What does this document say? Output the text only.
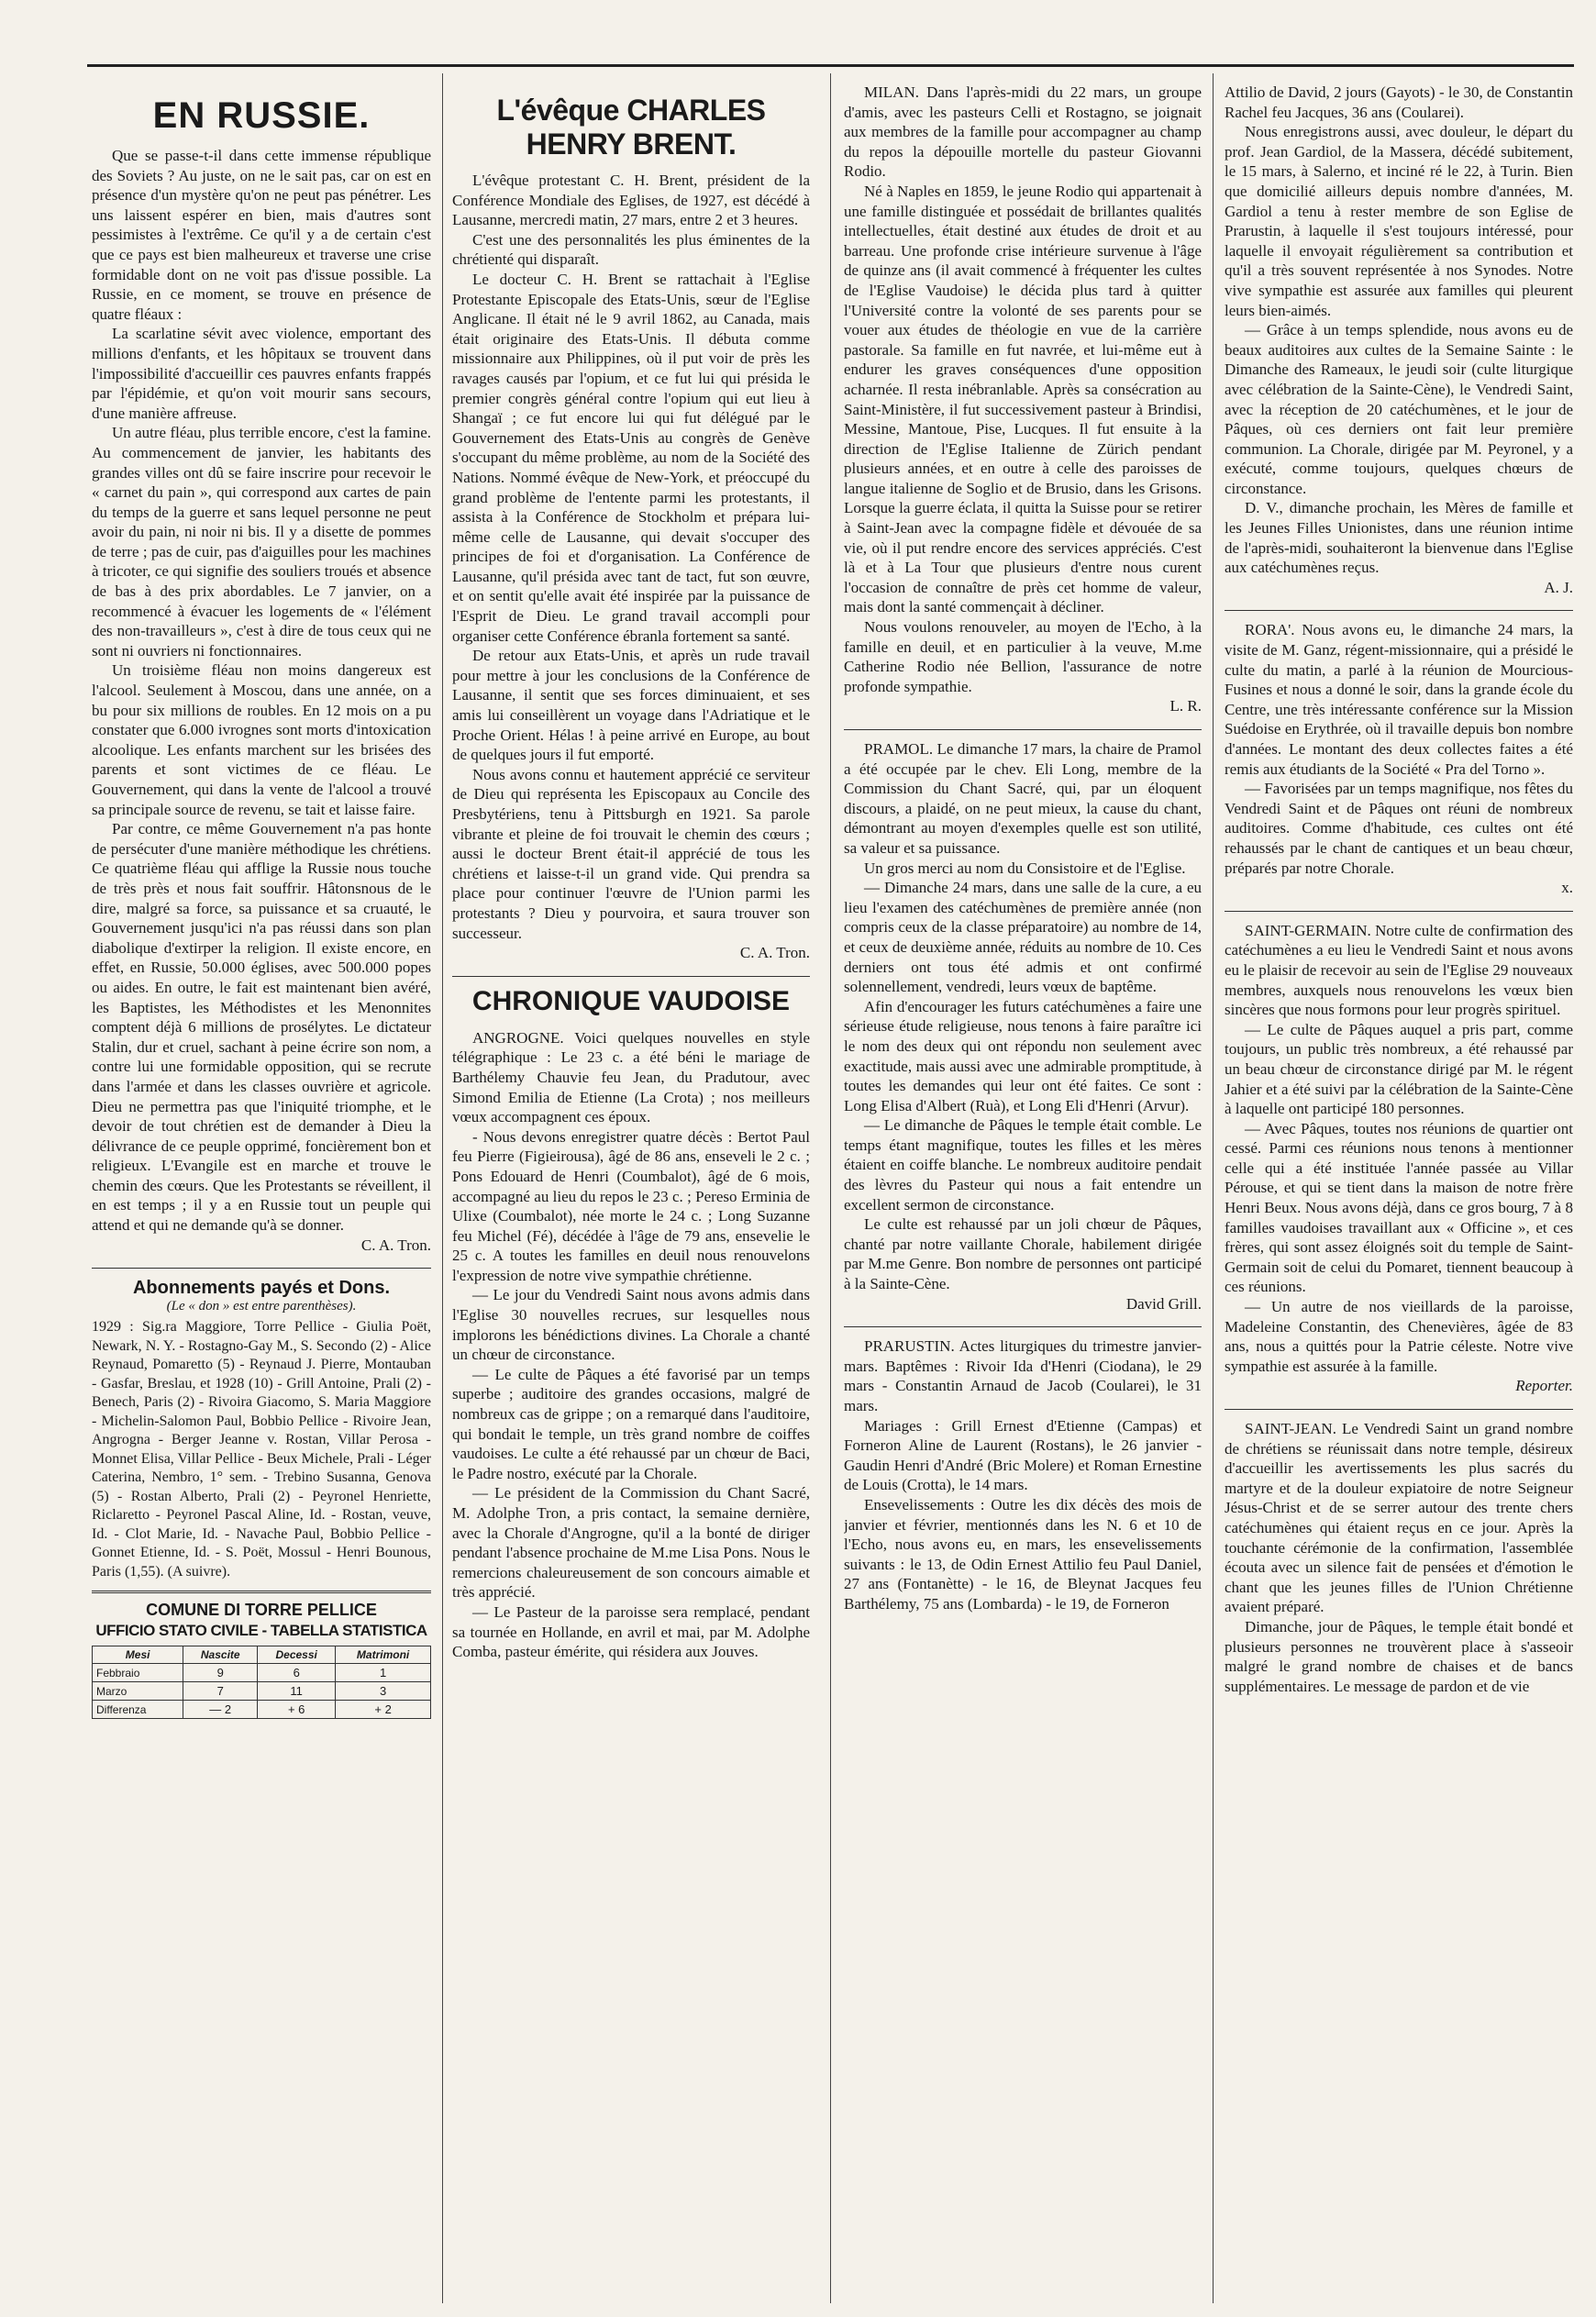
EN RUSSIE.

Que se passe-t-il dans cette immense république des Soviets ? Au juste, on ne le sait pas, car on est en présence d'un mystère qu'on ne peut pas pénétrer. Les uns laissent espérer en bien, mais d'autres sont pessimistes à l'extrême. Ce qu'il y a de certain c'est que ce pays est bien malheureux et traverse une crise formidable dont on ne voit pas d'issue possible. La Russie, en ce moment, se trouve en présence de quatre fléaux :

La scarlatine sévit avec violence, emportant des millions d'enfants, et les hôpitaux se trouvent dans l'impossibilité d'accueillir ces pauvres enfants frappés par l'épidémie, et qu'on voit mourir sans secours, d'une manière affreuse.

Un autre fléau, plus terrible encore, c'est la famine. Au commencement de janvier, les habitants des grandes villes ont dû se faire inscrire pour recevoir le « carnet du pain », qui correspond aux cartes de pain du temps de la guerre et sans lequel personne ne peut avoir du pain, ni noir ni bis. Il y a disette de pommes de terre ; pas de cuir, pas d'aiguilles pour les machines à tricoter, ce qui signifie des souliers troués et absence de bas à des prix abordables. Le 7 janvier, on a recommencé à évacuer les logements de « l'élément des non-travailleurs », c'est à dire de tous ceux qui ne sont ni ouvriers ni fonctionnaires.

Un troisième fléau non moins dangereux est l'alcool. Seulement à Moscou, dans une année, on a bu pour six millions de roubles. En 12 mois on a pu constater que 6.000 ivrognes sont morts d'intoxication alcoolique. Les enfants marchent sur les brisées des parents et sont victimes de ce fléau. Le Gouvernement, qui dans la vente de l'alcool a trouvé sa principale source de revenu, se tait et laisse faire.

Par contre, ce même Gouvernement n'a pas honte de persécuter d'une manière méthodique les chrétiens. Ce quatrième fléau qui afflige la Russie nous touche de très près et nous fait souffrir. Hâtonsnous de le dire, malgré sa force, sa puissance et sa cruauté, le Gouvernement jusqu'ici n'a pas réussi dans son plan diabolique d'extirper la religion. Il existe encore, en effet, en Russie, 50.000 églises, avec 500.000 popes ou aides. En outre, le fait est maintenant bien avéré, les Baptistes, les Méthodistes et les Menonnites comptent déjà 6 millions de prosélytes. Le dictateur Stalin, dur et cruel, sachant à peine écrire son nom, a contre lui une formidable opposition, qui se recrute dans l'armée et dans les classes ouvrière et agricole. Dieu ne permettra pas que l'iniquité triomphe, et le devoir de tout chrétien est de demander à Dieu la délivrance de ce peuple opprimé, foncièrement bon et religieux. L'Evangile est en marche et trouve le chemin des cœurs. Que les Protestants se réveillent, il en est temps ; il y a en Russie tout un peuple qui attend et qui ne demande qu'à se donner.

C. A. Tron.
Abonnements payés et Dons.
(Le « don » est entre parenthèses).

1929 : Sig.ra Maggiore, Torre Pellice - Giulia Poët, Newark, N. Y. - Rostagno-Gay M., S. Secondo (2) - Alice Reynaud, Pomaretto (5) - Reynaud J. Pierre, Montauban - Gasfar, Breslau, et 1928 (10) - Grill Antoine, Prali (2) - Benech, Paris (2) - Rivoira Giacomo, S. Maria Maggiore - Michelin-Salomon Paul, Bobbio Pellice - Rivoire Jean, Angrogna - Berger Jeanne v. Rostan, Villar Perosa - Monnet Elisa, Villar Pellice - Beux Michele, Prali - Léger Caterina, Nembro, 1° sem. - Trebino Susanna, Genova (5) - Rostan Alberto, Prali (2) - Peyronel Henriette, Riclaretto - Peyronel Pascal Aline, Id. - Rostan, veuve, Id. - Clot Marie, Id. - Navache Paul, Bobbio Pellice - Gonnet Etienne, Id. - S. Poët, Mossul - Henri Bounous, Paris (1,55). (A suivre).

COMUNE DI TORRE PELLICE
UFFICIO STATO CIVILE - TABELLA STATISTICA
Mesi	Nascite	Decessi	Matrimoni
Febbraio	9	6	1
Marzo	7	11	3
Differenza	— 2	+ 6	+ 2
L'évêque CHARLES HENRY BRENT.

L'évêque protestant C. H. Brent, président de la Conférence Mondiale des Eglises, de 1927, est décédé à Lausanne, mercredi matin, 27 mars, entre 2 et 3 heures.

C'est une des personnalités les plus éminentes de la chrétienté qui disparaît.

Le docteur C. H. Brent se rattachait à l'Eglise Protestante Episcopale des Etats-Unis, sœur de l'Eglise Anglicane. Il était né le 9 avril 1862, au Canada, mais était originaire des Etats-Unis. Il débuta comme missionnaire aux Philippines, où il put voir de près les ravages causés par l'opium, et ce fut lui qui présida le premier congrès général contre l'opium qui eut lieu à Shangaï ; ce fut encore lui qui fut délégué par le Gouvernement des Etats-Unis au congrès de Genève s'occupant du même problème, au nom de la Société des Nations. Nommé évêque de New-York, et préoccupé du grand problème de l'entente parmi les protestants, il assista à la Conférence de Stockholm et prépara lui-même celle de Lausanne, qui devait s'occuper des principes de foi et d'organisation. La Conférence de Lausanne, qu'il présida avec tant de tact, fut son œuvre, et on sentit qu'elle avait été inspirée par la puissance de l'Esprit de Dieu. Le grand travail accompli pour organiser cette Conférence ébranla fortement sa santé.

De retour aux Etats-Unis, et après un rude travail pour mettre à jour les conclusions de la Conférence de Lausanne, il sentit que ses forces diminuaient, et ses amis lui conseillèrent un voyage dans l'Adriatique et le Proche Orient. Hélas ! à peine arrivé en Europe, au bout de quelques jours il fut emporté.

Nous avons connu et hautement apprécié ce serviteur de Dieu qui représenta les Episcopaux au Concile des Presbytériens, tenu à Pittsburgh en 1921. Sa parole vibrante et pleine de foi trouvait le chemin des cœurs ; aussi le docteur Brent était-il apprécié de tous les chrétiens et laisse-t-il un grand vide. Qui prendra sa place pour continuer l'œuvre de l'Union parmi les protestants ? Dieu y pourvoira, et saura trouver son successeur.

C. A. Tron.
CHRONIQUE VAUDOISE

ANGROGNE. Voici quelques nouvelles en style télégraphique : Le 23 c. a été béni le mariage de Barthélemy Chauvie feu Jean, du Pradutour, avec Simond Emilia de Etienne (La Crota) ; nos meilleurs vœux accompagnent ces époux.

- Nous devons enregistrer quatre décès : Bertot Paul feu Pierre (Figieirousa), âgé de 86 ans, enseveli le 2 c. ; Pons Edouard de Henri (Coumbalot), âgé de 6 mois, accompagné au lieu du repos le 23 c. ; Pereso Erminia de Ulixe (Coumbalot), née morte le 24 c. ; Long Suzanne feu Michel (Fé), décédée à l'âge de 79 ans, ensevelie le 25 c. A toutes les familles en deuil nous renouvelons l'expression de notre vive sympathie chrétienne.

— Le jour du Vendredi Saint nous avons admis dans l'Eglise 30 nouvelles recrues, sur lesquelles nous implorons les bénédictions divines. La Chorale a chanté un chœur de circonstance.

— Le culte de Pâques a été favorisé par un temps superbe ; auditoire des grandes occasions, malgré de nombreux cas de grippe ; on a remarqué dans l'auditoire, qui bondait le temple, un très grand nombre de coiffes vaudoises. Le culte a été rehaussé par un chœur de Baci, le Padre nostro, exécuté par la Chorale.

— Le président de la Commission du Chant Sacré, M. Adolphe Tron, a pris contact, la semaine dernière, avec la Chorale d'Angrogne, qu'il a la bonté de diriger pendant l'absence prochaine de M.me Lisa Pons. Nous le remercions chaleureusement de son concours aimable et très apprécié.

— Le Pasteur de la paroisse sera remplacé, pendant sa tournée en Hollande, en avril et mai, par M. Adolphe Comba, pasteur émérite, qui résidera aux Jouves.

MILAN. Dans l'après-midi du 22 mars, un groupe d'amis, avec les pasteurs Celli et Rostagno, se joignait aux membres de la famille pour accompagner au champ du repos la dépouille mortelle du pasteur Giovanni Rodio.

Né à Naples en 1859, le jeune Rodio qui appartenait à une famille distinguée et possédait de brillantes qualités intellectuelles, était destiné aux études de droit et au barreau. Une profonde crise intérieure survenue à l'âge de quinze ans (il avait commencé à fréquenter les cultes de l'Eglise Vaudoise) le décida plus tard à quitter l'Université contre la volonté de ses parents pour se vouer aux études de théologie en vue de la carrière pastorale. Sa famille en fut navrée, et lui-même eut à endurer les graves conséquences d'une opposition acharnée. Il resta inébranlable. Après sa consécration au Saint-Ministère, il fut successivement pasteur à Brindisi, Messine, Mantoue, Pise, Lucques. Il fut ensuite à la direction de l'Eglise Italienne de Zürich pendant plusieurs années, et en outre à celle des paroisses de langue italienne de Soglio et de Brusio, dans les Grisons. Lorsque la guerre éclata, il quitta la Suisse pour se retirer à Saint-Jean avec la compagne fidèle et dévouée de sa vie, où il put rendre encore des services appréciés. C'est là et à La Tour que plusieurs d'entre nous curent l'occasion de connaître de près cet homme de valeur, mais dont la santé commençait à décliner.

Nous voulons renouveler, au moyen de l'Echo, à la famille en deuil, et en particulier à la veuve, M.me Catherine Rodio née Bellion, l'assurance de notre profonde sympathie.

L. R.

PRAMOL. Le dimanche 17 mars, la chaire de Pramol a été occupée par le chev. Eli Long, membre de la Commission du Chant Sacré, qui, par un éloquent discours, a plaidé, on ne peut mieux, la cause du chant, démontrant au moyen d'exemples quelle est son utilité, sa valeur et sa puissance.

Un gros merci au nom du Consistoire et de l'Eglise.

— Dimanche 24 mars, dans une salle de la cure, a eu lieu l'examen des catéchumènes de première année (non compris ceux de la classe préparatoire) au nombre de 14, et ceux de deuxième année, réduits au nombre de 10. Ces derniers ont tous été admis et ont confirmé solennellement, vendredi, leurs vœux de baptême.

Afin d'encourager les futurs catéchumènes a faire une sérieuse étude religieuse, nous tenons à faire paraître ici le nom des deux qui ont répondu non seulement avec exactitude, mais aussi avec une admirable promptitude, à toutes les demandes qui leur ont été faites. Ce sont : Long Elisa d'Albert (Ruà), et Long Eli d'Henri (Arvur).

— Le dimanche de Pâques le temple était comble. Le temps étant magnifique, toutes les filles et les mères étaient en coiffe blanche. Le nombreux auditoire pendait des lèvres du Pasteur qui nous a fait entendre un excellent sermon de circonstance.

Le culte est rehaussé par un joli chœur de Pâques, chanté par notre vaillante Chorale, habilement dirigée par M.me Genre. Bon nombre de personnes ont participé à la Sainte-Cène.

David Grill.

PRARUSTIN. Actes liturgiques du trimestre janvier-mars. Baptêmes : Rivoir Ida d'Henri (Ciodana), le 29 mars - Constantin Arnaud de Jacob (Coularei), le 31 mars.

Mariages : Grill Ernest d'Etienne (Campas) et Forneron Aline de Laurent (Rostans), le 26 janvier - Gaudin Henri d'André (Bric Molere) et Roman Ernestine de Louis (Crotta), le 14 mars.

Ensevelissements : Outre les dix décès des mois de janvier et février, mentionnés dans les N. 6 et 10 de l'Echo, nous avons eu, en mars, les ensevelissements suivants : le 13, de Odin Ernest Attilio feu Paul Daniel, 27 ans (Fontanètte) - le 16, de Bleynat Jacques feu Barthélemy, 75 ans (Lombarda) - le 19, de Forneron

Attilio de David, 2 jours (Gayots) - le 30, de Constantin Rachel feu Jacques, 36 ans (Coularei).

Nous enregistrons aussi, avec douleur, le départ du prof. Jean Gardiol, de la Massera, décédé subitement, le 15 mars, à Salerno, et inciné ré le 22, à Turin. Bien que domicilié ailleurs depuis nombre d'années, M. Gardiol a tenu à rester membre de son Eglise de Prarustin, à laquelle il s'est toujours intéressé, pour laquelle il envoyait régulièrement sa contribution et qu'il a très souvent représentée à nos Synodes. Notre vive sympathie est assurée aux familles qui pleurent leurs bien-aimés.

— Grâce à un temps splendide, nous avons eu de beaux auditoires aux cultes de la Semaine Sainte : le Dimanche des Rameaux, le jeudi soir (culte liturgique avec célébration de la Sainte-Cène), le Vendredi Saint, avec la réception de 20 catéchumènes, et le jour de Pâques, où ces derniers ont fait leur première communion. La Chorale, dirigée par M. Peyronel, y a exécuté, comme toujours, quelques chœurs de circonstance.

D. V., dimanche prochain, les Mères de famille et les Jeunes Filles Unionistes, dans une réunion intime de l'après-midi, souhaiteront la bienvenue dans l'Eglise aux catéchumènes reçus.

A. J.

RORA'. Nous avons eu, le dimanche 24 mars, la visite de M. Ganz, régent-missionnaire, qui a présidé le culte du matin, a parlé à la réunion de Mourcious-Fusines et nous a donné le soir, dans la grande école du Centre, une très intéressante conférence sur la Mission Suédoise en Erythrée, où il travaille depuis bon nombre d'années. Le montant des deux collectes faites a été remis aux étudiants de la Société « Pra del Torno ».

— Favorisées par un temps magnifique, nos fêtes du Vendredi Saint et de Pâques ont réuni de nombreux auditoires. Comme d'habitude, ces cultes ont été rehaussés par le chant de cantiques et un beau chœur, préparés par notre Chorale.

x.

SAINT-GERMAIN. Notre culte de confirmation des catéchumènes a eu lieu le Vendredi Saint et nous avons eu le plaisir de recevoir au sein de l'Eglise 29 nouveaux membres, auxquels nous renouvelons les vœux bien sincères que nous formons pour leur progrès spirituel.

— Le culte de Pâques auquel a pris part, comme toujours, un public très nombreux, a été rehaussé par un beau chœur de circonstance dirigé par M. le régent Jahier et a été suivi par la célébration de la Sainte-Cène à laquelle ont participé 180 personnes.

— Avec Pâques, toutes nos réunions de quartier ont cessé. Parmi ces réunions nous tenons à mentionner celle qui a été instituée l'année passée au Villar Pérouse, et qui se tient dans la maison de notre frère Henri Beux. Nous avons déjà, dans ce gros bourg, 7 à 8 familles vaudoises travaillant aux « Officine », et ces frères, qui sont assez éloignés soit du temple de Saint-Germain soit de celui du Pomaret, tiennent beaucoup à ces réunions.

— Un autre de nos vieillards de la paroisse, Madeleine Constantin, des Chenevières, âgée de 83 ans, nous a quittés pour la Patrie céleste. Notre vive sympathie est assurée à la famille.

Reporter.

SAINT-JEAN. Le Vendredi Saint un grand nombre de chrétiens se réunissait dans notre temple, désireux d'accueillir les avertissements les plus sacrés du martyre et de la douleur expiatoire de notre Seigneur Jésus-Christ et de se serrer autour des trente chers catéchumènes qui étaient reçus en ce jour. Après la touchante cérémonie de la confirmation, l'assemblée écouta avec un silence fait de pensées et d'émotion le chant que les jeunes filles de l'Union Chrétienne avaient préparé.

Dimanche, jour de Pâques, le temple était bondé et plusieurs personnes ne trouvèrent place à s'asseoir malgré le grand nombre de chaises et de bancs supplémentaires. Le message de pardon et de vie
